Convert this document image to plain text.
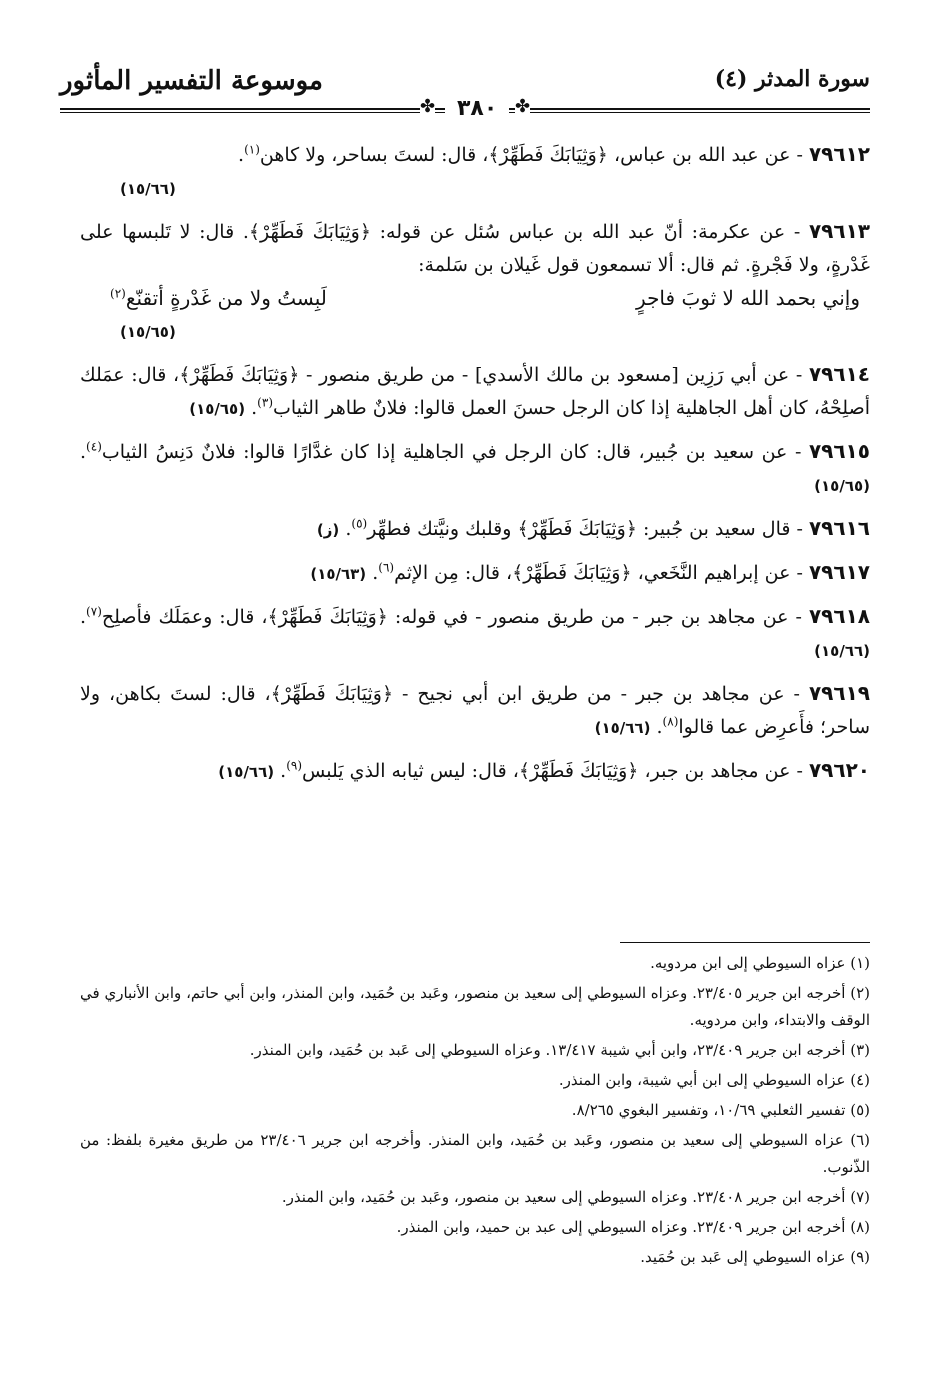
موسوعة التفسير المأثور	سورة المدثر (٤)
✤ ٣٨٠ ✤
٧٩٦١٢ - عن عبد الله بن عباس، ﴿وَثِيَابَكَ فَطَهِّرْ﴾، قال: لستَ بساحر، ولا كاهن$^{(١)}$.
(١٥/٦٦)
٧٩٦١٣ - عن عكرمة: أنّ عبد الله بن عباس سُئل عن قوله: ﴿وَثِيَابَكَ فَطَهِّرْ﴾. قال: لا تَلبسها على غَدْرةٍ، ولا فَجْرةٍ. ثم قال: ألا تسمعون قول غَيلان بن سَلمة:
وإني بحمد الله لا ثوبَ فاجرٍ
لَبِستُ ولا من غَدْرةٍ أتقنّع$^{(٢)}$
(١٥/٦٥)
٧٩٦١٤ - عن أبي رَزِين [مسعود بن مالك الأسدي] - من طريق منصور - ﴿وَثِيَابَكَ فَطَهِّرْ﴾، قال: عمَلك أصلِحْهُ، كان أهل الجاهلية إذا كان الرجل حسنَ العمل قالوا: فلانٌ طاهر الثياب$^{(٣)}$. (١٥/٦٥)
٧٩٦١٥ - عن سعيد بن جُبير، قال: كان الرجل في الجاهلية إذا كان غدَّارًا قالوا: فلانٌ دَنِسُ الثياب$^{(٤)}$. (١٥/٦٥)
٧٩٦١٦ - قال سعيد بن جُبير: ﴿وَثِيَابَكَ فَطَهِّرْ﴾ وقلبك ونيَّتك فطهِّر$^{(٥)}$. (ز)
٧٩٦١٧ - عن إبراهيم النَّخَعي، ﴿وَثِيَابَكَ فَطَهِّرْ﴾، قال: مِن الإثم$^{(٦)}$. (١٥/٦٣)
٧٩٦١٨ - عن مجاهد بن جبر - من طريق منصور - في قوله: ﴿وَثِيَابَكَ فَطَهِّرْ﴾، قال: وعمَلَك فأصلِح$^{(٧)}$. (١٥/٦٦)
٧٩٦١٩ - عن مجاهد بن جبر - من طريق ابن أبي نجيح - ﴿وَثِيَابَكَ فَطَهِّرْ﴾، قال: لستَ بكاهن، ولا ساحر؛ فأَعرِض عما قالوا$^{(٨)}$. (١٥/٦٦)
٧٩٦٢٠ - عن مجاهد بن جبر، ﴿وَثِيَابَكَ فَطَهِّرْ﴾، قال: ليس ثيابه الذي يَلبس$^{(٩)}$. (١٥/٦٦)

(١) عزاه السيوطي إلى ابن مردويه.

(٢) أخرجه ابن جرير ٢٣/٤٠٥. وعزاه السيوطي إلى سعيد بن منصور، وعَبد بن حُمَيد، وابن المنذر، وابن أبي حاتم، وابن الأنباري في الوقف والابتداء، وابن مردويه.

(٣) أخرجه ابن جرير ٢٣/٤٠٩، وابن أبي شيبة ١٣/٤١٧. وعزاه السيوطي إلى عَبد بن حُمَيد، وابن المنذر.

(٤) عزاه السيوطي إلى ابن أبي شيبة، وابن المنذر.

(٥) تفسير الثعلبي ١٠/٦٩، وتفسير البغوي ٨/٢٦٥.

(٦) عزاه السيوطي إلى سعيد بن منصور، وعَبد بن حُمَيد، وابن المنذر. وأخرجه ابن جرير ٢٣/٤٠٦ من طريق مغيرة بلفظ: من الذّنوب.

(٧) أخرجه ابن جرير ٢٣/٤٠٨. وعزاه السيوطي إلى سعيد بن منصور، وعَبد بن حُمَيد، وابن المنذر.

(٨) أخرجه ابن جرير ٢٣/٤٠٩. وعزاه السيوطي إلى عبد بن حميد، وابن المنذر.

(٩) عزاه السيوطي إلى عَبد بن حُمَيد.
